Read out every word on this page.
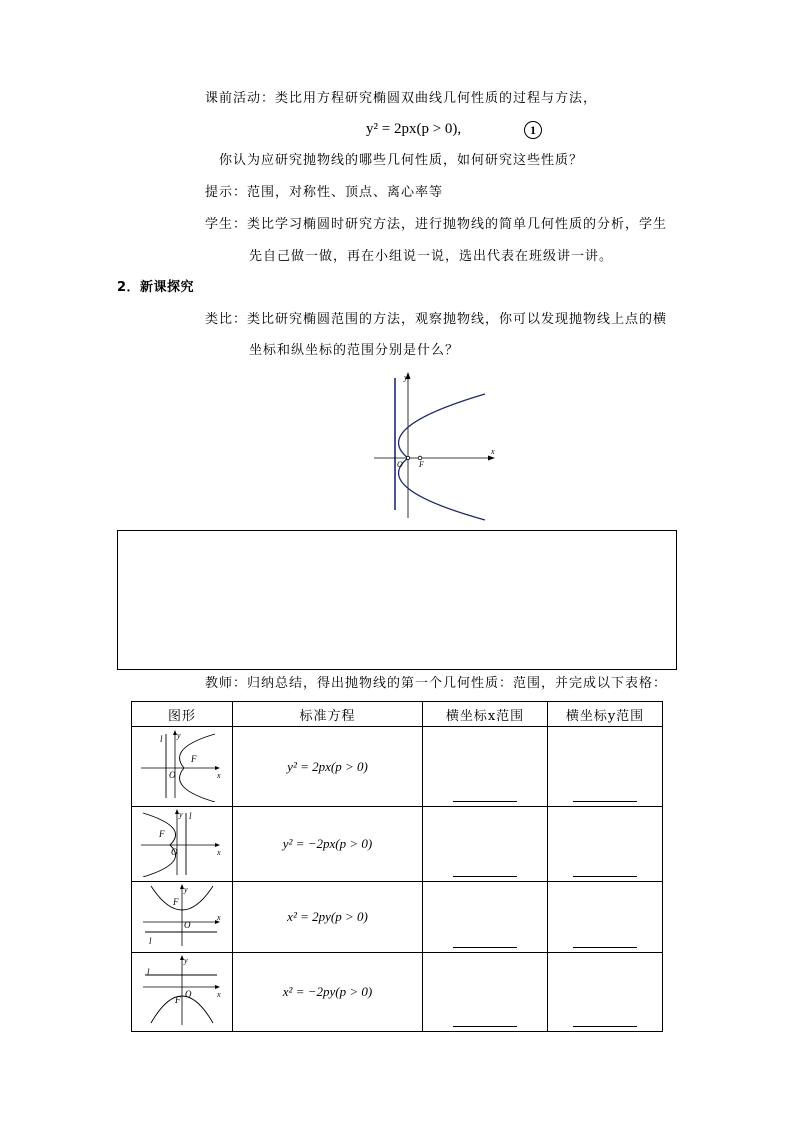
课前活动：类比用方程研究椭圆双曲线几何性质的过程与方法，
y² = 2px(p > 0),	1
你认为应研究抛物线的哪些几何性质，如何研究这些性质？
提示：范围，对称性、顶点、离心率等
学生：类比学习椭圆时研究方法，进行抛物线的简单几何性质的分析，学生
先自己做一做，再在小组说一说，选出代表在班级讲一讲。
2．新课探究
类比：类比研究椭圆范围的方法，观察抛物线，你可以发现抛物线上点的横
坐标和纵坐标的范围分别是什么？
y
x
O F
教师：归纳总结，得出抛物线的第一个几何性质：范围，并完成以下表格：
图形	标准方程	横坐标x范围	横坐标y范围

l y
F
O x	y² = 2px(p > 0)	

y l
F
O x	y² = −2px(p > 0)	

y
F
O
x
l	x² = 2py(p > 0)	

y
l
O
F
x	x² = −2py(p > 0)	
